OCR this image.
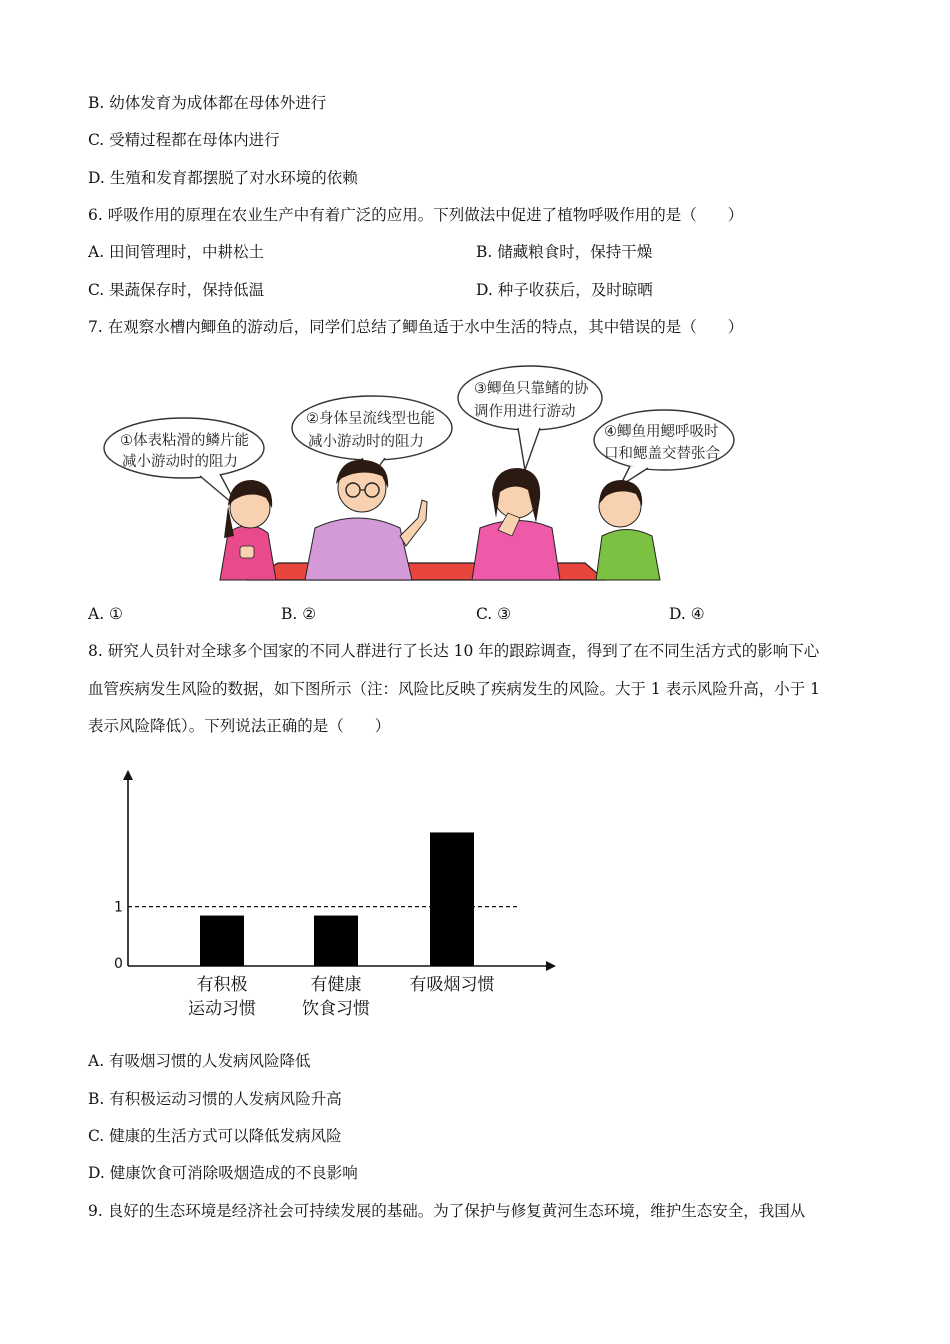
B. 幼体发育为成体都在母体外进行
C. 受精过程都在母体内进行
D. 生殖和发育都摆脱了对水环境的依赖
6. 呼吸作用的原理在农业生产中有着广泛的应用。下列做法中促进了植物呼吸作用的是（　　）
A. 田间管理时，中耕松土	B. 储藏粮食时，保持干燥
C. 果蔬保存时，保持低温	D. 种子收获后，及时晾晒
7. 在观察水槽内鲫鱼的游动后，同学们总结了鲫鱼适于水中生活的特点，其中错误的是（　　）
①体表粘滑的鳞片能
减小游动时的阻力
②身体呈流线型也能
减小游动时的阻力
③鲫鱼只靠鳍的协
调作用进行游动
④鲫鱼用鳃呼吸时
口和鳃盖交替张合
A. ①	B. ②	C. ③	D. ④
8. 研究人员针对全球多个国家的不同人群进行了长达 10 年的跟踪调查，得到了在不同生活方式的影响下心
血管疾病发生风险的数据，如下图所示（注：风险比反映了疾病发生的风险。大于 1 表示风险升高，小于 1
表示风险降低）。下列说法正确的是（　　）
0
1
有积极
运动习惯
有健康
饮食习惯
有吸烟习惯
A. 有吸烟习惯的人发病风险降低
B. 有积极运动习惯的人发病风险升高
C. 健康的生活方式可以降低发病风险
D. 健康饮食可消除吸烟造成的不良影响
9. 良好的生态环境是经济社会可持续发展的基础。为了保护与修复黄河生态环境，维护生态安全，我国从
